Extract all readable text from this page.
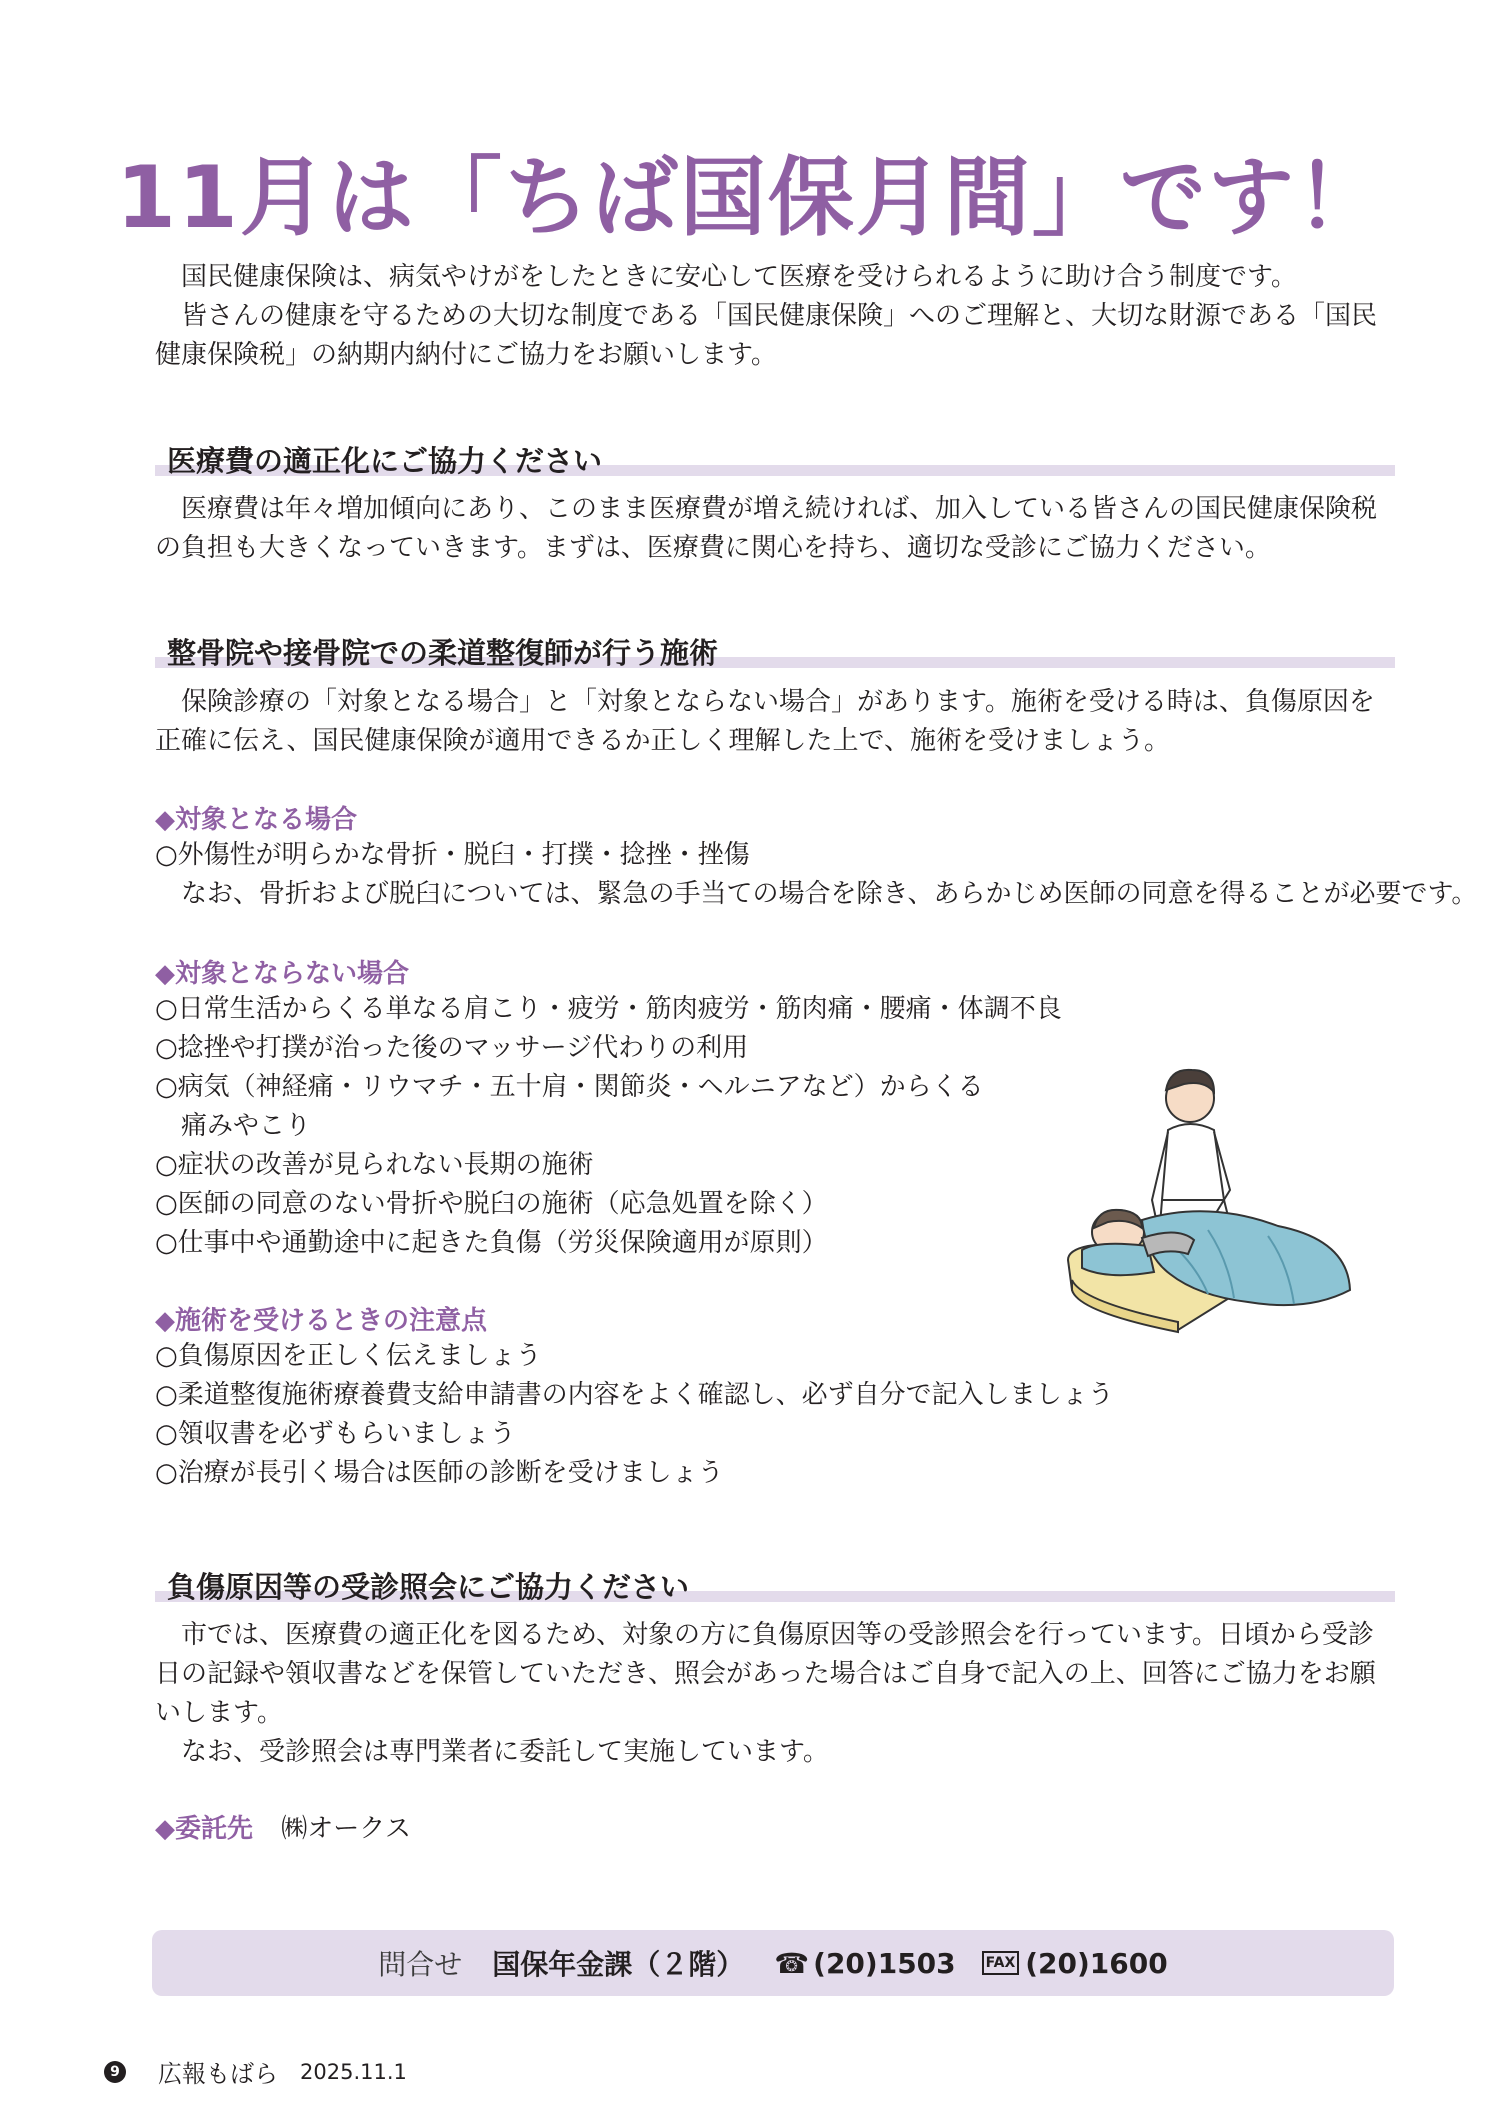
11月は「ちば国保月間」です！

国民健康保険は、病気やけがをしたときに安心して医療を受けられるように助け合う制度です。

皆さんの健康を守るための大切な制度である「国民健康保険」へのご理解と、大切な財源である「国民健康保険税」の納期内納付にご協力をお願いします。

医療費の適正化にご協力ください

医療費は年々増加傾向にあり、このまま医療費が増え続ければ、加入している皆さんの国民健康保険税の負担も大きくなっていきます。まずは、医療費に関心を持ち、適切な受診にご協力ください。

整骨院や接骨院での柔道整復師が行う施術

保険診療の「対象となる場合」と「対象とならない場合」があります。施術を受ける時は、負傷原因を正確に伝え、国民健康保険が適用できるか正しく理解した上で、施術を受けましょう。

◆対象となる場合

○外傷性が明らかな骨折・脱臼・打撲・捻挫・挫傷
なお、骨折および脱臼については、緊急の手当ての場合を除き、あらかじめ医師の同意を得ることが必要です。

◆対象とならない場合

○日常生活からくる単なる肩こり・疲労・筋肉疲労・筋肉痛・腰痛・体調不良
○捻挫や打撲が治った後のマッサージ代わりの利用
○病気（神経痛・リウマチ・五十肩・関節炎・ヘルニアなど）からくる
痛みやこり
○症状の改善が見られない長期の施術
○医師の同意のない骨折や脱臼の施術（応急処置を除く）
○仕事中や通勤途中に起きた負傷（労災保険適用が原則）

◆施術を受けるときの注意点

○負傷原因を正しく伝えましょう
○柔道整復施術療養費支給申請書の内容をよく確認し、必ず自分で記入しましょう
○領収書を必ずもらいましょう
○治療が長引く場合は医師の診断を受けましょう
負傷原因等の受診照会にご協力ください

市では、医療費の適正化を図るため、対象の方に負傷原因等の受診照会を行っています。日頃から受診日の記録や領収書などを保管していただき、照会があった場合はご自身で記入の上、回答にご協力をお願いします。

なお、受診照会は専門業者に委託して実施しています。

◆委託先 ㈱オークス
問合せ 国保年金課（２階） ☎ (20)1503 FAX (20)1600
9 広報もばら 2025.11.1
